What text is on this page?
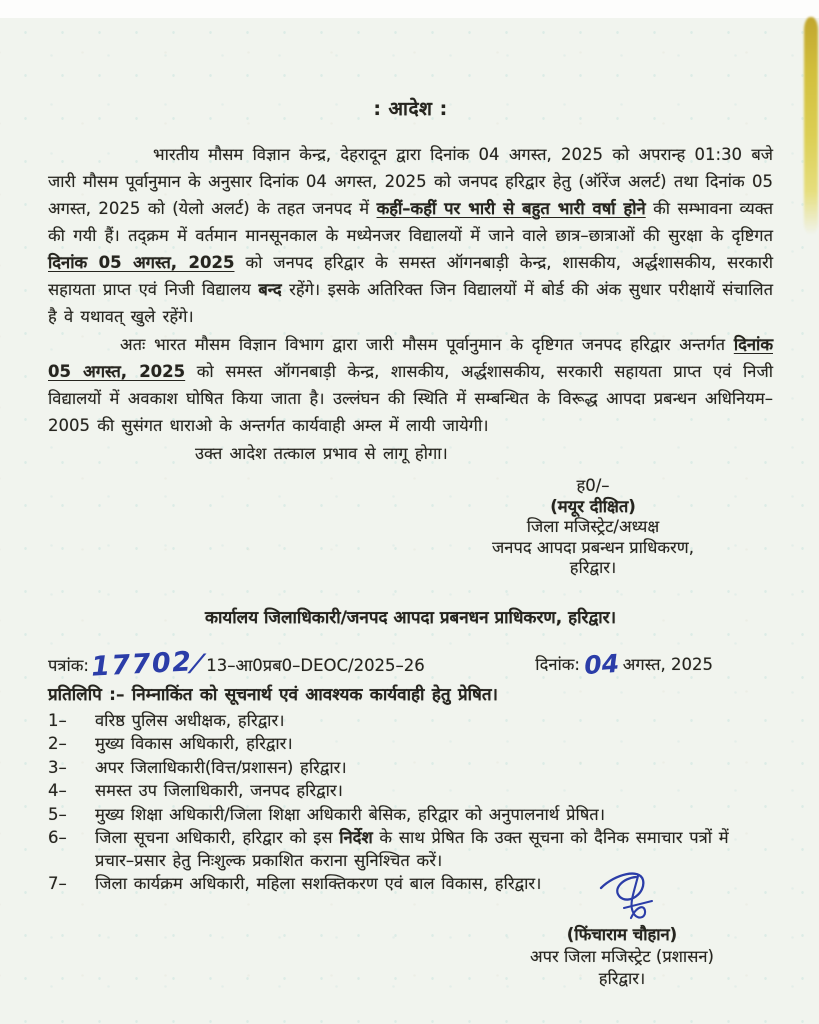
: आदेश :

भारतीय मौसम विज्ञान केन्द्र, देहरादून द्वारा दिनांक 04 अगस्त, 2025 को अपरान्ह 01:30 बजे जारी मौसम पूर्वानुमान के अनुसार दिनांक 04 अगस्त, 2025 को जनपद हरिद्वार हेतु (ऑरेंज अलर्ट) तथा दिनांक 05 अगस्त, 2025 को (येलो अलर्ट) के तहत जनपद में कहीं–कहीं पर भारी से बहुत भारी वर्षा होने की सम्भावना व्यक्त की गयी हैं। तद्क्रम में वर्तमान मानसूनकाल के मध्येनजर विद्यालयों में जाने वाले छात्र–छात्राओं की सुरक्षा के दृष्टिगत दिनांक 05 अगस्त, 2025 को जनपद हरिद्वार के समस्त ऑगनबाड़ी केन्द्र, शासकीय, अर्द्धशासकीय, सरकारी सहायता प्राप्त एवं निजी विद्यालय बन्द रहेंगे। इसके अतिरिक्त जिन विद्यालयों में बोर्ड की अंक सुधार परीक्षायें संचालित है वे यथावत् खुले रहेंगे।

अतः भारत मौसम विज्ञान विभाग द्वारा जारी मौसम पूर्वानुमान के दृष्टिगत जनपद हरिद्वार अन्तर्गत दिनांक 05 अगस्त, 2025 को समस्त ऑगनबाड़ी केन्द्र, शासकीय, अर्द्धशासकीय, सरकारी सहायता प्राप्त एवं निजी विद्यालयों में अवकाश घोषित किया जाता है। उल्लंघन की स्थिति में सम्बन्धित के विरूद्ध आपदा प्रबन्धन अधिनियम–2005 की सुसंगत धाराओ के अन्तर्गत कार्यवाही अम्ल में लायी जायेगी।

उक्त आदेश तत्काल प्रभाव से लागू होगा।

ह0/–
(मयूर दीक्षित)
जिला मजिस्ट्रेट/अध्यक्ष
जनपद आपदा प्रबन्धन प्राधिकरण,
हरिद्वार।
कार्यालय जिलाधिकारी/जनपद आपदा प्रबनधन प्राधिकरण, हरिद्वार।
पत्रांक:17702∕13–आ0प्रब0–DEOC/2025–26	दिनांक: 04 अगस्त, 2025
प्रतिलिपि :– निम्नाकिंत को सूचनार्थ एवं आवश्यक कार्यवाही हेतु प्रेषित।
1–	वरिष्ठ पुलिस अधीक्षक, हरिद्वार।
2–	मुख्य विकास अधिकारी, हरिद्वार।
3–	अपर जिलाधिकारी(वित्त/प्रशासन) हरिद्वार।
4–	समस्त उप जिलाधिकारी, जनपद हरिद्वार।
5–	मुख्य शिक्षा अधिकारी/जिला शिक्षा अधिकारी बेसिक, हरिद्वार को अनुपालनार्थ प्रेषित।
6–	जिला सूचना अधिकारी, हरिद्वार को इस निर्देश के साथ प्रेषित कि उक्त सूचना को दैनिक समाचार पत्रों में प्रचार–प्रसार हेतु निःशुल्क प्रकाशित कराना सुनिश्चित करें।
7–	जिला कार्यक्रम अधिकारी, महिला सशक्तिकरण एवं बाल विकास, हरिद्वार।
(फिंचाराम चौहान)
अपर जिला मजिस्ट्रेट (प्रशासन)
हरिद्वार।
